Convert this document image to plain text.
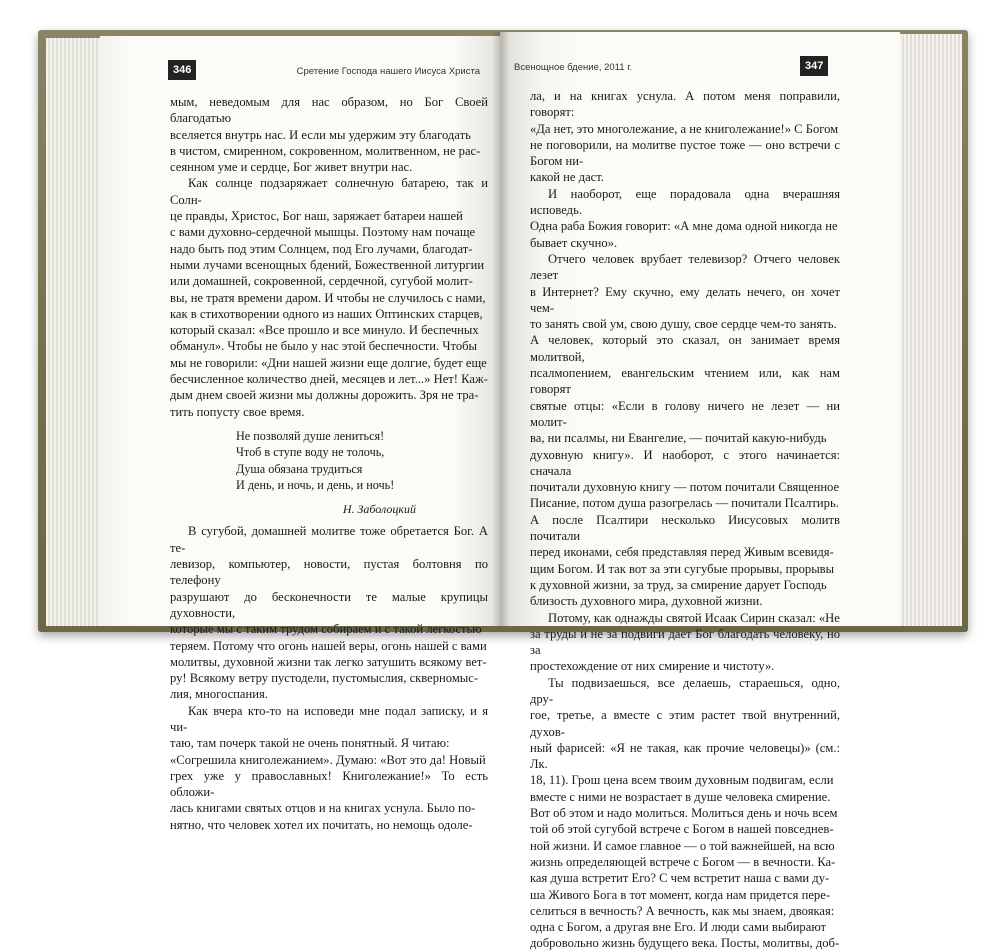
346	Сретение Господа нашего Иисуса Христа

мым, неведомым для нас образом, но Бог Своей благодатью

вселяется внутрь нас. И если мы удержим эту благодать

в чистом, смиренном, сокровенном, молитвенном, не рас-

сеянном уме и сердце, Бог живет внутри нас.

Как солнце подзаряжает солнечную батарею, так и Солн-

це правды, Христос, Бог наш, заряжает батареи нашей

с вами духовно-сердечной мышцы. Поэтому нам почаще

надо быть под этим Солнцем, под Его лучами, благодат-

ными лучами всенощных бдений, Божественной литургии

или домашней, сокровенной, сердечной, сугубой молит-

вы, не тратя времени даром. И чтобы не случилось с нами,

как в стихотворении одного из наших Оптинских старцев,

который сказал: «Все прошло и все минуло. И беспечных

обманул». Чтобы не было у нас этой беспечности. Чтобы

мы не говорили: «Дни нашей жизни еще долгие, будет еще

бесчисленное количество дней, месяцев и лет...» Нет! Каж-

дым днем своей жизни мы должны дорожить. Зря не тра-

тить попусту свое время.

Не позволяй душе лениться!

Чтоб в ступе воду не толочь,

Душа обязана трудиться

И день, и ночь, и день, и ночь!

Н. Заболоцкий

В сугубой, домашней молитве тоже обретается Бог. А те-

левизор, компьютер, новости, пустая болтовня по телефону

разрушают до бесконечности те малые крупицы духовности,

которые мы с таким трудом собираем и с такой легкостью

теряем. Потому что огонь нашей веры, огонь нашей с вами

молитвы, духовной жизни так легко затушить всякому вет-

ру! Всякому ветру пустодели, пустомыслия, скверномыс-

лия, многоспания.

Как вчера кто-то на исповеди мне подал записку, и я чи-

таю, там почерк такой не очень понятный. Я читаю:

«Согрешила книголежанием». Думаю: «Вот это да! Новый

грех уже у православных! Книголежание!» То есть обложи-

лась книгами святых отцов и на книгах уснула. Было по-

нятно, что человек хотел их почитать, но немощь одоле-

Всенощное бдение, 2011 г.	347

ла, и на книгах уснула. А потом меня поправили, говорят:

«Да нет, это многолежание, а не книголежание!» С Богом

не поговорили, на молитве пустое тоже — оно встречи с Богом ни-

какой не даст.

И наоборот, еще порадовала одна вчерашняя исповедь.

Одна раба Божия говорит: «А мне дома одной никогда не

бывает скучно».

Отчего человек врубает телевизор? Отчего человек лезет

в Интернет? Ему скучно, ему делать нечего, он хочет чем-

то занять свой ум, свою душу, свое сердце чем-то занять.

А человек, который это сказал, он занимает время молитвой,

псалмопением, евангельским чтением или, как нам говорят

святые отцы: «Если в голову ничего не лезет — ни молит-

ва, ни псалмы, ни Евангелие, — почитай какую-нибудь

духовную книгу». И наоборот, с этого начинается: сначала

почитали духовную книгу — потом почитали Священное

Писание, потом душа разогрелась — почитали Псалтирь.

А после Псалтири несколько Иисусовых молитв почитали

перед иконами, себя представляя перед Живым всевидя-

щим Богом. И так вот за эти сугубые прорывы, прорывы

к духовной жизни, за труд, за смирение дарует Господь

близость духовного мира, духовной жизни.

Потому, как однажды святой Исаак Сирин сказал: «Не

за труды и не за подвиги дает Бог благодать человеку, но за

простехождение от них смирение и чистоту».

Ты подвизаешься, все делаешь, стараешься, одно, дру-

гое, третье, а вместе с этим растет твой внутренний, духов-

ный фарисей: «Я не такая, как прочие человецы)» (см.: Лк.

18, 11). Грош цена всем твоим духовным подвигам, если

вместе с ними не возрастает в душе человека смирение.

Вот об этом и надо молиться. Молиться день и ночь всем

той об этой сугубой встрече с Богом в нашей повседнев-

ной жизни. И самое главное — о той важнейшей, на всю

жизнь определяющей встрече с Богом — в вечности. Ка-

кая душа встретит Его? С чем встретит наша с вами ду-

ша Живого Бога в тот момент, когда нам придется пере-

селиться в вечность? А вечность, как мы знаем, двоякая:

одна с Богом, а другая вне Его. И люди сами выбирают

добровольно жизнь будущего века. Посты, молитвы, доб-
